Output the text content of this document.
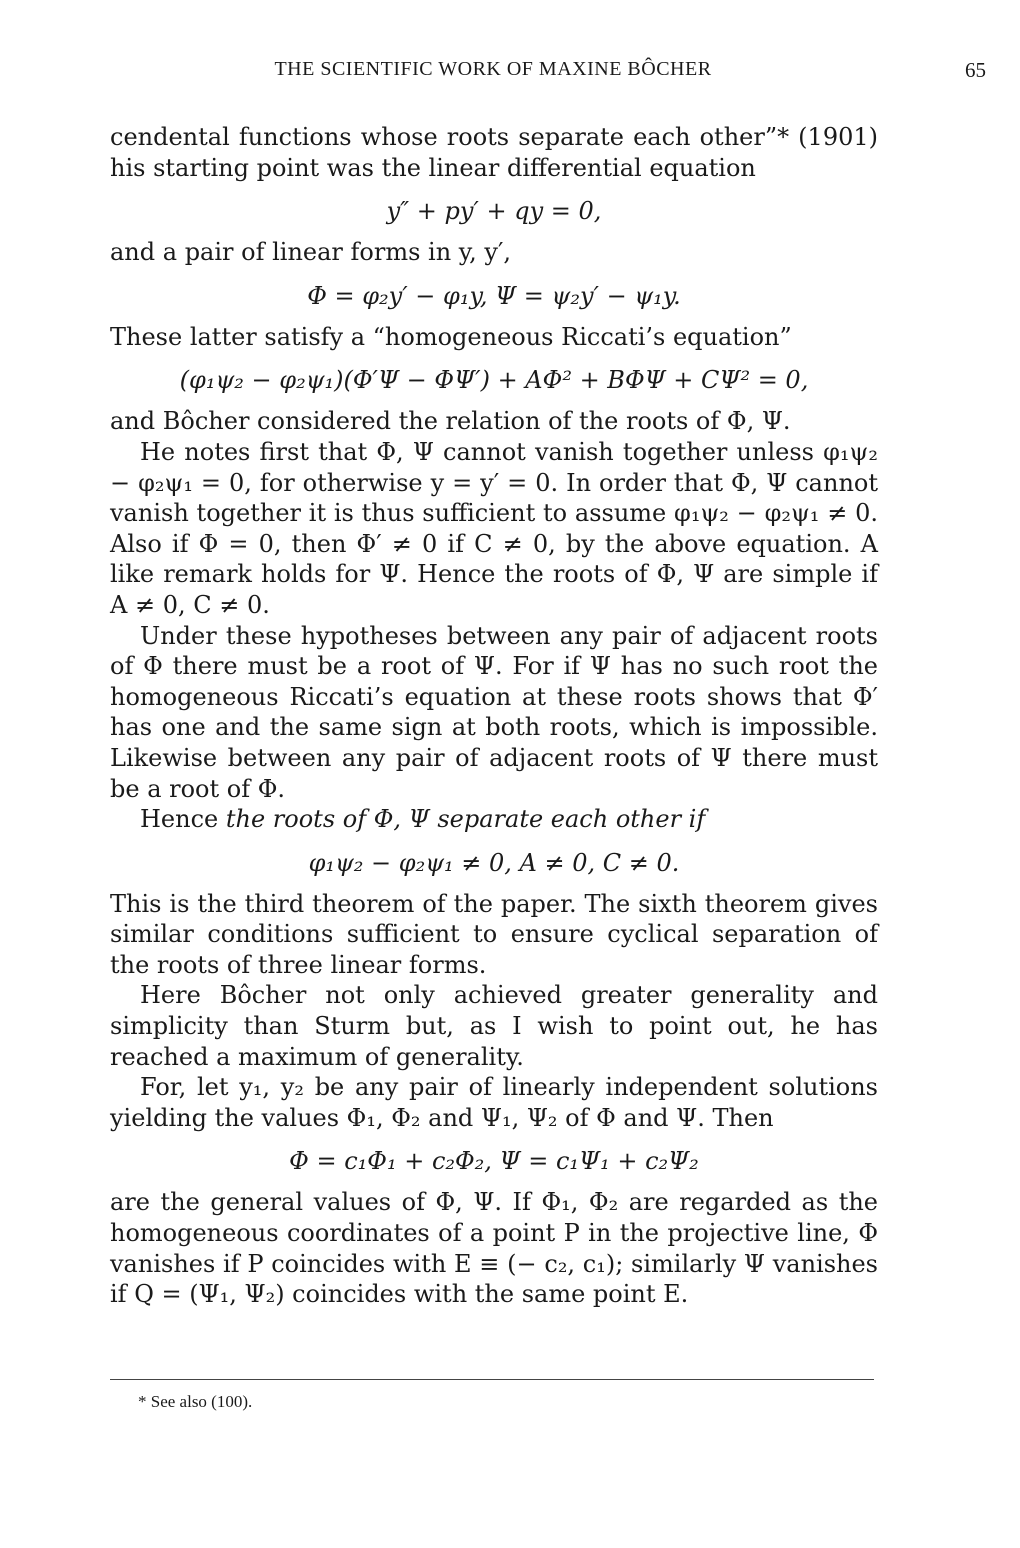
THE SCIENTIFIC WORK OF MAXINE BÔCHER	65

cendental functions whose roots separate each other”* (1901) his starting point was the linear differential equation

y″ + py′ + qy = 0,

and a pair of linear forms in y, y′,

Φ = φ₂y′ − φ₁y, Ψ = ψ₂y′ − ψ₁y.

These latter satisfy a “homogeneous Riccati’s equation”

(φ₁ψ₂ − φ₂ψ₁)(Φ′Ψ − ΦΨ′) + AΦ² + BΦΨ + CΨ² = 0,

and Bôcher considered the relation of the roots of Φ, Ψ.

He notes first that Φ, Ψ cannot vanish together unless φ₁ψ₂ − φ₂ψ₁ = 0, for otherwise y = y′ = 0. In order that Φ, Ψ cannot vanish together it is thus sufficient to assume φ₁ψ₂ − φ₂ψ₁ ≠ 0. Also if Φ = 0, then Φ′ ≠ 0 if C ≠ 0, by the above equation. A like remark holds for Ψ. Hence the roots of Φ, Ψ are simple if A ≠ 0, C ≠ 0.

Under these hypotheses between any pair of adjacent roots of Φ there must be a root of Ψ. For if Ψ has no such root the homogeneous Riccati’s equation at these roots shows that Φ′ has one and the same sign at both roots, which is impossible. Likewise between any pair of adjacent roots of Ψ there must be a root of Φ.

Hence the roots of Φ, Ψ separate each other if

φ₁ψ₂ − φ₂ψ₁ ≠ 0, A ≠ 0, C ≠ 0.

This is the third theorem of the paper. The sixth theorem gives similar conditions sufficient to ensure cyclical separation of the roots of three linear forms.

Here Bôcher not only achieved greater generality and simplicity than Sturm but, as I wish to point out, he has reached a maximum of generality.

For, let y₁, y₂ be any pair of linearly independent solutions yielding the values Φ₁, Φ₂ and Ψ₁, Ψ₂ of Φ and Ψ. Then

Φ = c₁Φ₁ + c₂Φ₂, Ψ = c₁Ψ₁ + c₂Ψ₂

are the general values of Φ, Ψ. If Φ₁, Φ₂ are regarded as the homogeneous coordinates of a point P in the projective line, Φ vanishes if P coincides with E ≡ (− c₂, c₁); similarly Ψ vanishes if Q = (Ψ₁, Ψ₂) coincides with the same point E.

* See also (100).
